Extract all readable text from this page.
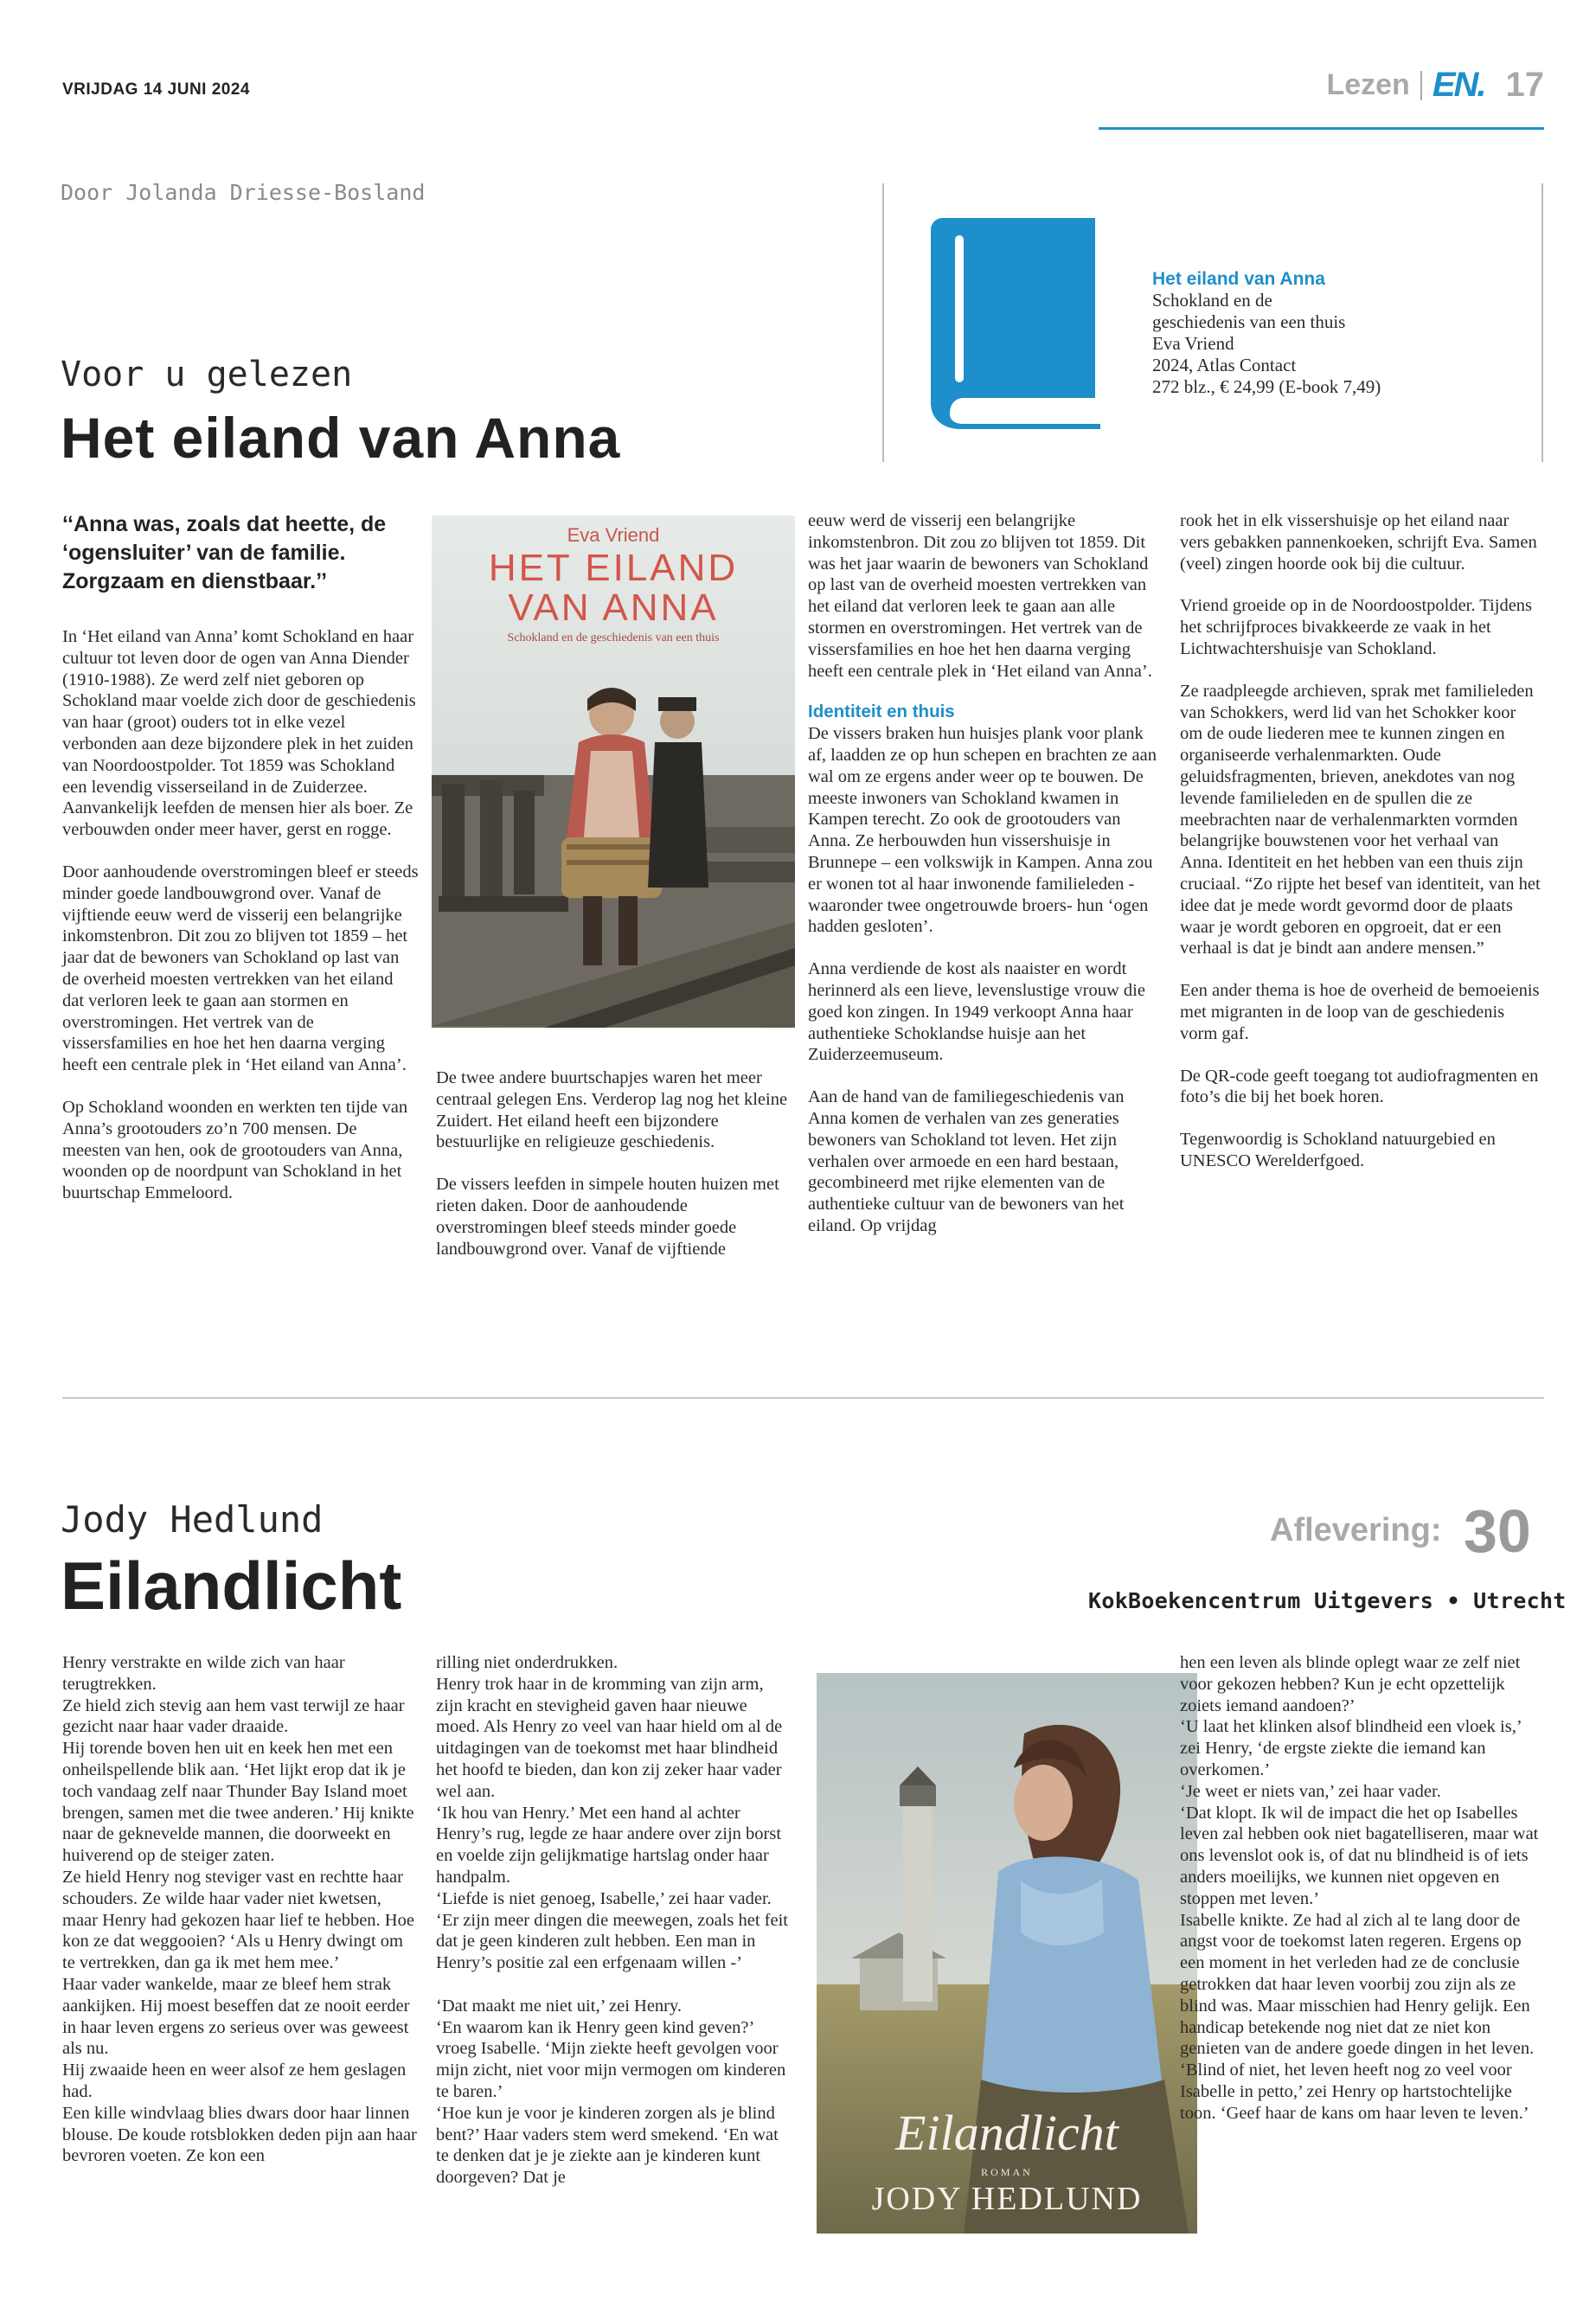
VRIJDAG 14 JUNI 2024	Lezen EN. 17
Door Jolanda Driesse-Bosland
Voor u gelezen
Het eiland van Anna
Het eiland van Anna
Schokland en de
geschiedenis van een thuis
Eva Vriend
2024, Atlas Contact
272 blz., € 24,99 (E-book 7,49)
‘‘Anna was, zoals dat heette, de ‘ogensluiter’ van de familie. Zorgzaam en dienstbaar.’’

In ‘Het eiland van Anna’ komt Schokland en haar cultuur tot leven door de ogen van Anna Diender (1910-1988). Ze werd zelf niet geboren op Schokland maar voelde zich door de geschiedenis van haar (groot) ouders tot in elke vezel verbonden aan deze bijzondere plek in het zuiden van Noordoostpolder. Tot 1859 was Schokland een levendig visserseiland in de Zuiderzee. Aanvankelijk leefden de mensen hier als boer. Ze verbouwden onder meer haver, gerst en rogge.

Door aanhoudende overstromingen bleef er steeds minder goede landbouwgrond over. Vanaf de vijftiende eeuw werd de visserij een belangrijke inkomstenbron. Dit zou zo blijven tot 1859 – het jaar dat de bewoners van Schokland op last van de overheid moesten vertrekken van het eiland dat verloren leek te gaan aan stormen en overstromingen. Het vertrek van de vissersfamilies en hoe het hen daarna verging heeft een centrale plek in ‘Het eiland van Anna’.

Op Schokland woonden en werkten ten tijde van Anna’s grootouders zo’n 700 mensen. De meesten van hen, ook de grootouders van Anna, woonden op de noordpunt van Schokland in het buurtschap Emmeloord.

Eva Vriend
HET EILAND
VAN ANNA
Schokland en de geschiedenis van een thuis

De twee andere buurtschapjes waren het meer centraal gelegen Ens. Verderop lag nog het kleine Zuidert. Het eiland heeft een bijzondere bestuurlijke en religieuze geschiedenis.

De vissers leefden in simpele houten huizen met rieten daken. Door de aanhoudende overstromingen bleef steeds minder goede landbouwgrond over. Vanaf de vijftiende

eeuw werd de visserij een belangrijke inkomstenbron. Dit zou zo blijven tot 1859. Dit was het jaar waarin de bewoners van Schokland op last van de overheid moesten vertrekken van het eiland dat verloren leek te gaan aan alle stormen en overstromingen. Het vertrek van de vissersfamilies en hoe het hen daarna verging heeft een centrale plek in ‘Het eiland van Anna’.

Identiteit en thuis

De vissers braken hun huisjes plank voor plank af, laadden ze op hun schepen en brachten ze aan wal om ze ergens ander weer op te bouwen. De meeste inwoners van Schokland kwamen in Kampen terecht. Zo ook de grootouders van Anna. Ze herbouwden hun vissershuisje in Brunnepe – een volkswijk in Kampen. Anna zou er wonen tot al haar inwonende familieleden -waaronder twee ongetrouwde broers- hun ‘ogen hadden gesloten’.

Anna verdiende de kost als naaister en wordt herinnerd als een lieve, levenslustige vrouw die goed kon zingen. In 1949 verkoopt Anna haar authentieke Schoklandse huisje aan het Zuiderzeemuseum.

Aan de hand van de familiegeschiedenis van Anna komen de verhalen van zes generaties bewoners van Schokland tot leven. Het zijn verhalen over armoede en een hard bestaan, gecombineerd met rijke elementen van de authentieke cultuur van de bewoners van het eiland. Op vrijdag

rook het in elk vissershuisje op het eiland naar vers gebakken pannenkoeken, schrijft Eva. Samen (veel) zingen hoorde ook bij die cultuur.

Vriend groeide op in de Noordoostpolder. Tijdens het schrijfproces bivakkeerde ze vaak in het Lichtwachtershuisje van Schokland.

Ze raadpleegde archieven, sprak met familieleden van Schokkers, werd lid van het Schokker koor om de oude liederen mee te kunnen zingen en organiseerde verhalenmarkten. Oude geluidsfragmenten, brieven, anekdotes van nog levende familieleden en de spullen die ze meebrachten naar de verhalenmarkten vormden belangrijke bouwstenen voor het verhaal van Anna. Identiteit en het hebben van een thuis zijn cruciaal. “Zo rijpte het besef van identiteit, van het idee dat je mede wordt gevormd door de plaats waar je wordt geboren en opgroeit, dat er een verhaal is dat je bindt aan andere mensen.”

Een ander thema is hoe de overheid de bemoeienis met migranten in de loop van de geschiedenis vorm gaf.

De QR-code geeft toegang tot audiofragmenten en foto’s die bij het boek horen.

Tegenwoordig is Schokland natuurgebied en UNESCO Werelderfgoed.

Jody Hedlund
Eilandlicht
Aflevering: 30
KokBoekencentrum Uitgevers • Utrecht

Henry verstrakte en wilde zich van haar terugtrekken.

Ze hield zich stevig aan hem vast terwijl ze haar gezicht naar haar vader draaide.

Hij torende boven hen uit en keek hen met een onheilspellende blik aan. ‘Het lijkt erop dat ik je toch vandaag zelf naar Thunder Bay Island moet brengen, samen met die twee anderen.’ Hij knikte naar de geknevelde mannen, die doorweekt en huiverend op de steiger zaten.

Ze hield Henry nog steviger vast en rechtte haar schouders. Ze wilde haar vader niet kwetsen, maar Henry had gekozen haar lief te hebben. Hoe kon ze dat weggooien? ‘Als u Henry dwingt om te vertrekken, dan ga ik met hem mee.’

Haar vader wankelde, maar ze bleef hem strak aankijken. Hij moest beseffen dat ze nooit eerder in haar leven ergens zo serieus over was geweest als nu.

Hij zwaaide heen en weer alsof ze hem geslagen had.

Een kille windvlaag blies dwars door haar linnen blouse. De koude rotsblokken deden pijn aan haar bevroren voeten. Ze kon een

rilling niet onderdrukken.

Henry trok haar in de kromming van zijn arm, zijn kracht en stevigheid gaven haar nieuwe moed. Als Henry zo veel van haar hield om al de uitdagingen van de toekomst met haar blindheid het hoofd te bieden, dan kon zij zeker haar vader wel aan.

‘Ik hou van Henry.’ Met een hand al achter Henry’s rug, legde ze haar andere over zijn borst en voelde zijn gelijkmatige hartslag onder haar handpalm.

‘Liefde is niet genoeg, Isabelle,’ zei haar vader. ‘Er zijn meer dingen die meewegen, zoals het feit dat je geen kinderen zult hebben. Een man in Henry’s positie zal een erfgenaam willen -’

‘Dat maakt me niet uit,’ zei Henry.

‘En waarom kan ik Henry geen kind geven?’ vroeg Isabelle. ‘Mijn ziekte heeft gevolgen voor mijn zicht, niet voor mijn vermogen om kinderen te baren.’

‘Hoe kun je voor je kinderen zorgen als je blind bent?’ Haar vaders stem werd smekend. ‘En wat te denken dat je je ziekte aan je kinderen kunt doorgeven? Dat je

Eilandlicht
ROMAN
JODY HEDLUND

hen een leven als blinde oplegt waar ze zelf niet voor gekozen hebben? Kun je echt opzettelijk zoiets iemand aandoen?’

‘U laat het klinken alsof blindheid een vloek is,’ zei Henry, ‘de ergste ziekte die iemand kan overkomen.’

‘Je weet er niets van,’ zei haar vader.

‘Dat klopt. Ik wil de impact die het op Isabelles leven zal hebben ook niet bagatelliseren, maar wat ons levenslot ook is, of dat nu blindheid is of iets anders moeilijks, we kunnen niet opgeven en stoppen met leven.’

Isabelle knikte. Ze had al zich al te lang door de angst voor de toekomst laten regeren. Ergens op een moment in het verleden had ze de conclusie getrokken dat haar leven voorbij zou zijn als ze blind was. Maar misschien had Henry gelijk. Een handicap betekende nog niet dat ze niet kon genieten van de andere goede dingen in het leven.

‘Blind of niet, het leven heeft nog zo veel voor Isabelle in petto,’ zei Henry op hartstochtelijke toon. ‘Geef haar de kans om haar leven te leven.’
